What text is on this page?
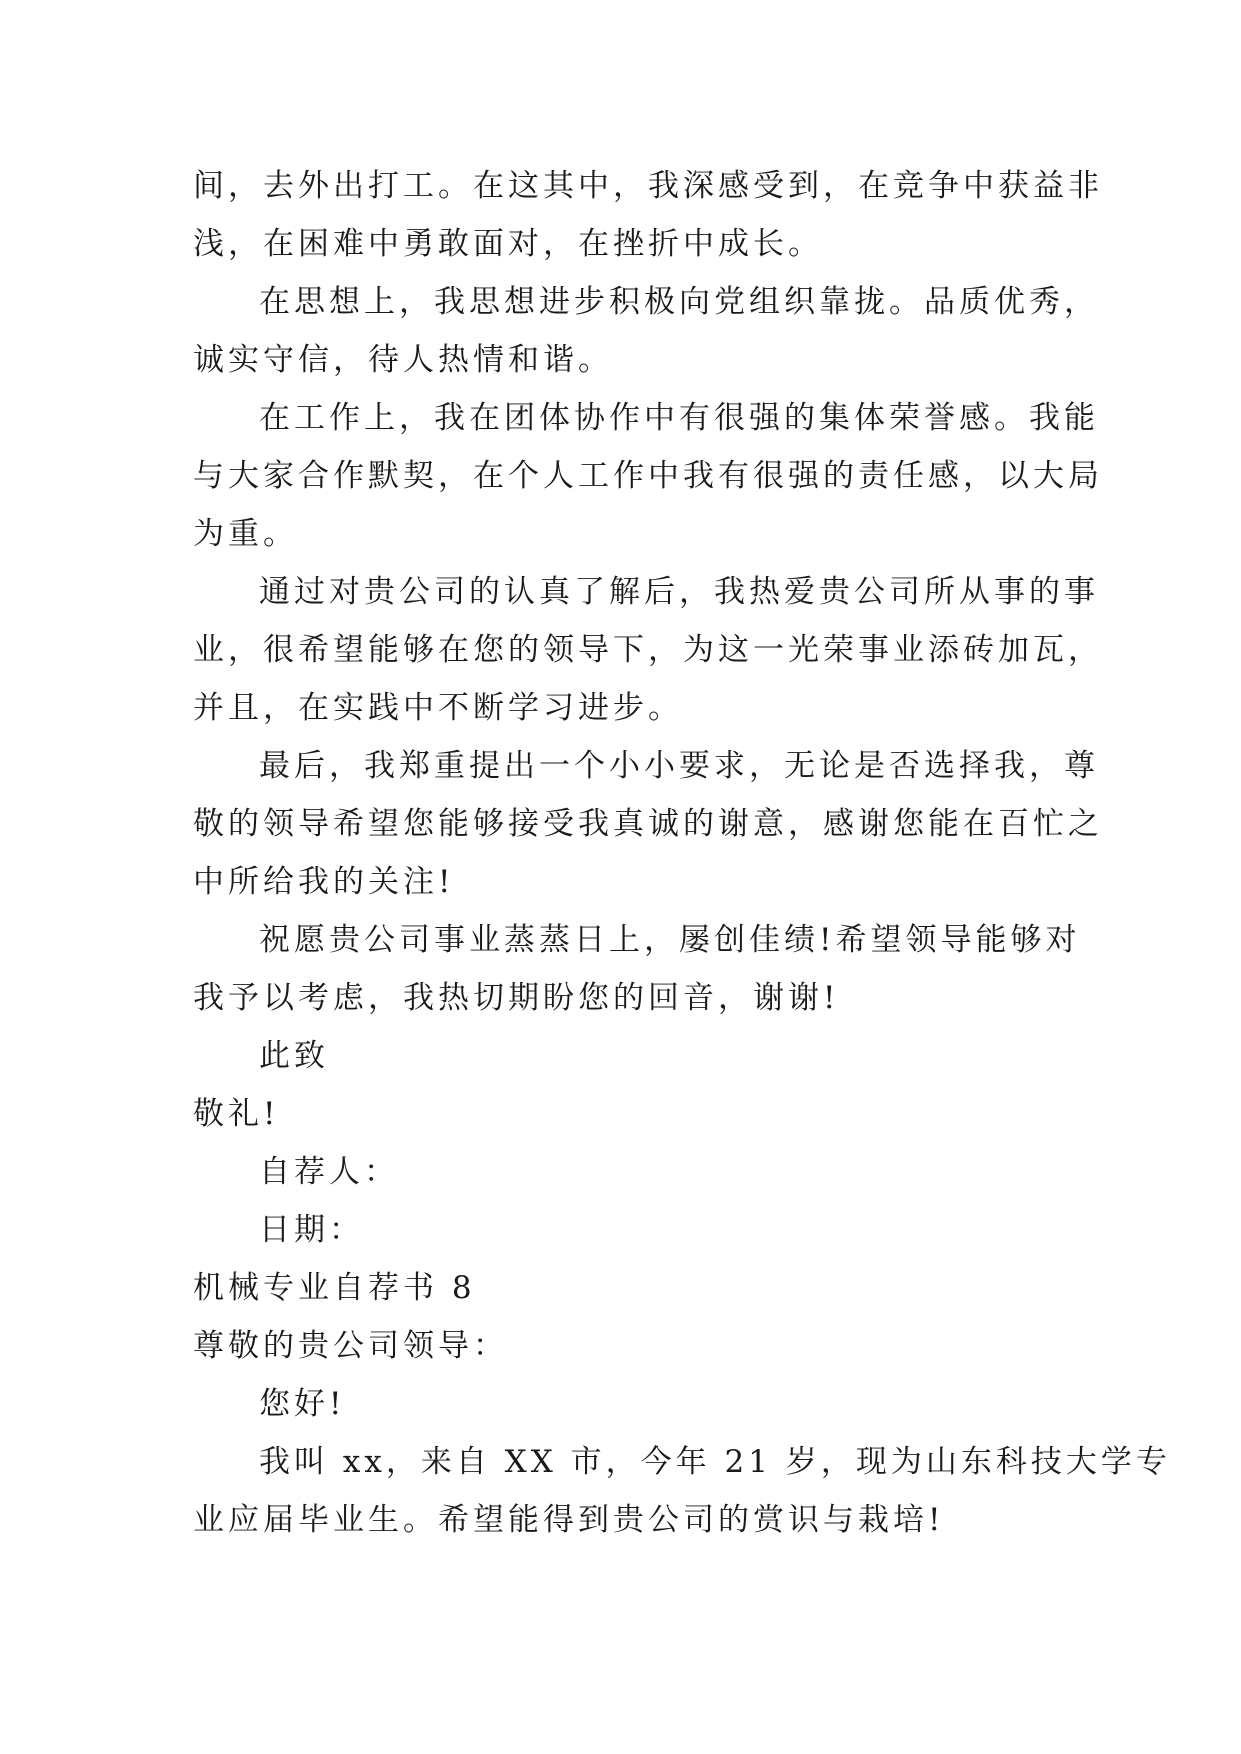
间，去外出打工。在这其中，我深感受到，在竞争中获益非
浅，在困难中勇敢面对，在挫折中成长。
在思想上，我思想进步积极向党组织靠拢。品质优秀，
诚实守信，待人热情和谐。
在工作上，我在团体协作中有很强的集体荣誉感。我能
与大家合作默契，在个人工作中我有很强的责任感，以大局
为重。
通过对贵公司的认真了解后，我热爱贵公司所从事的事
业，很希望能够在您的领导下，为这一光荣事业添砖加瓦，
并且，在实践中不断学习进步。
最后，我郑重提出一个小小要求，无论是否选择我，尊
敬的领导希望您能够接受我真诚的谢意，感谢您能在百忙之
中所给我的关注!
祝愿贵公司事业蒸蒸日上，屡创佳绩!希望领导能够对
我予以考虑，我热切期盼您的回音，谢谢!
此致
敬礼!
自荐人：
日期：
机械专业自荐书 8
尊敬的贵公司领导：
您好!
我叫 xx，来自 XX 市，今年 21 岁，现为山东科技大学专
业应届毕业生。希望能得到贵公司的赏识与栽培!
